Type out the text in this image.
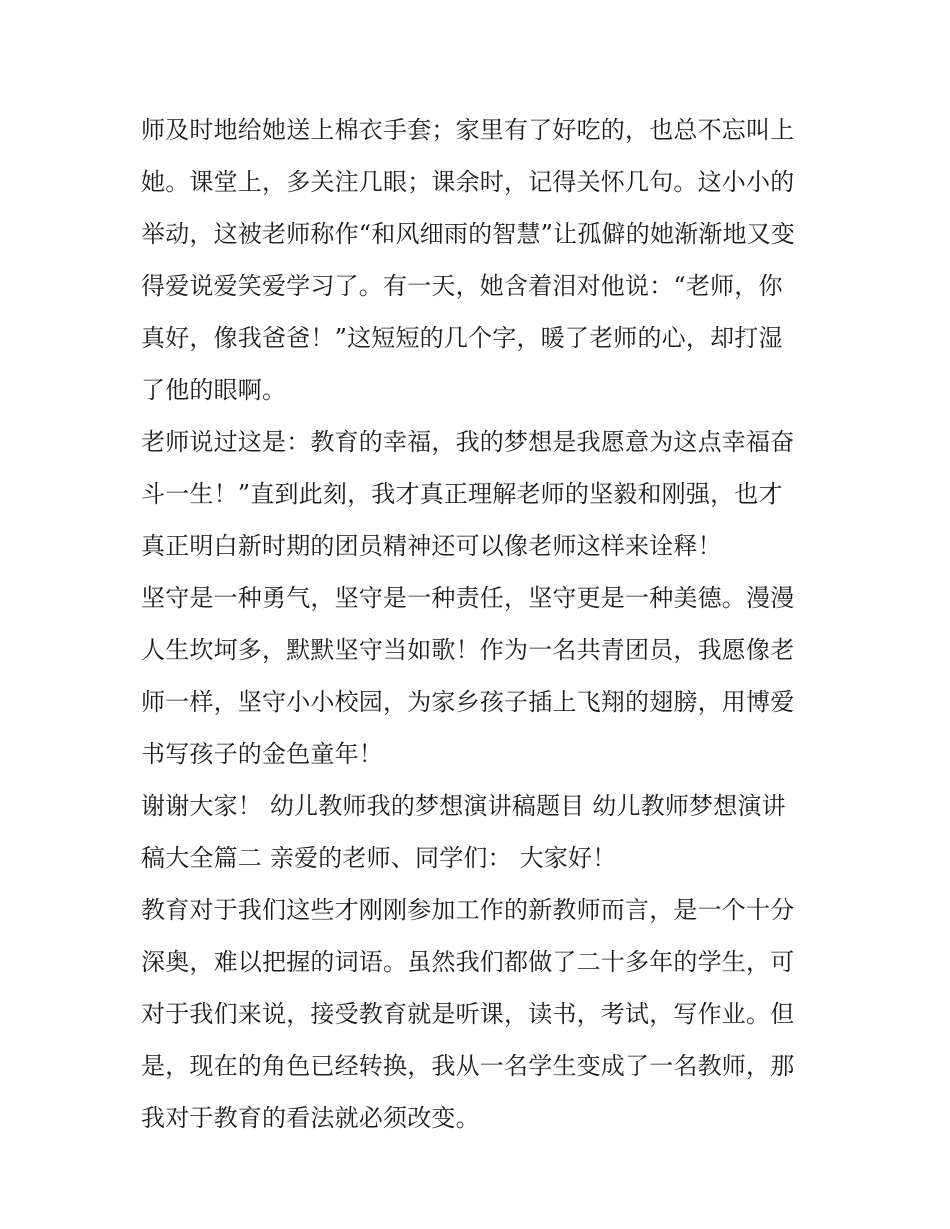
师及时地给她送上棉衣手套；家里有了好吃的，也总不忘叫上
她。课堂上，多关注几眼；课余时，记得关怀几句。这小小的
举动，这被老师称作“和风细雨的智慧”让孤僻的她渐渐地又变
得爱说爱笑爱学习了。有一天，她含着泪对他说：“老师，你
真好，像我爸爸！”这短短的几个字，暖了老师的心，却打湿
了他的眼啊。
老师说过这是：教育的幸福，我的梦想是我愿意为这点幸福奋
斗一生！”直到此刻，我才真正理解老师的坚毅和刚强，也才
真正明白新时期的团员精神还可以像老师这样来诠释！
坚守是一种勇气，坚守是一种责任，坚守更是一种美德。漫漫
人生坎坷多，默默坚守当如歌！作为一名共青团员，我愿像老
师一样，坚守小小校园，为家乡孩子插上飞翔的翅膀，用博爱
书写孩子的金色童年！
谢谢大家！ 幼儿教师我的梦想演讲稿题目 幼儿教师梦想演讲
稿大全篇二 亲爱的老师、同学们： 大家好！
教育对于我们这些才刚刚参加工作的新教师而言，是一个十分
深奥，难以把握的词语。虽然我们都做了二十多年的学生，可
对于我们来说，接受教育就是听课，读书，考试，写作业。但
是，现在的角色已经转换，我从一名学生变成了一名教师，那
我对于教育的看法就必须改变。
